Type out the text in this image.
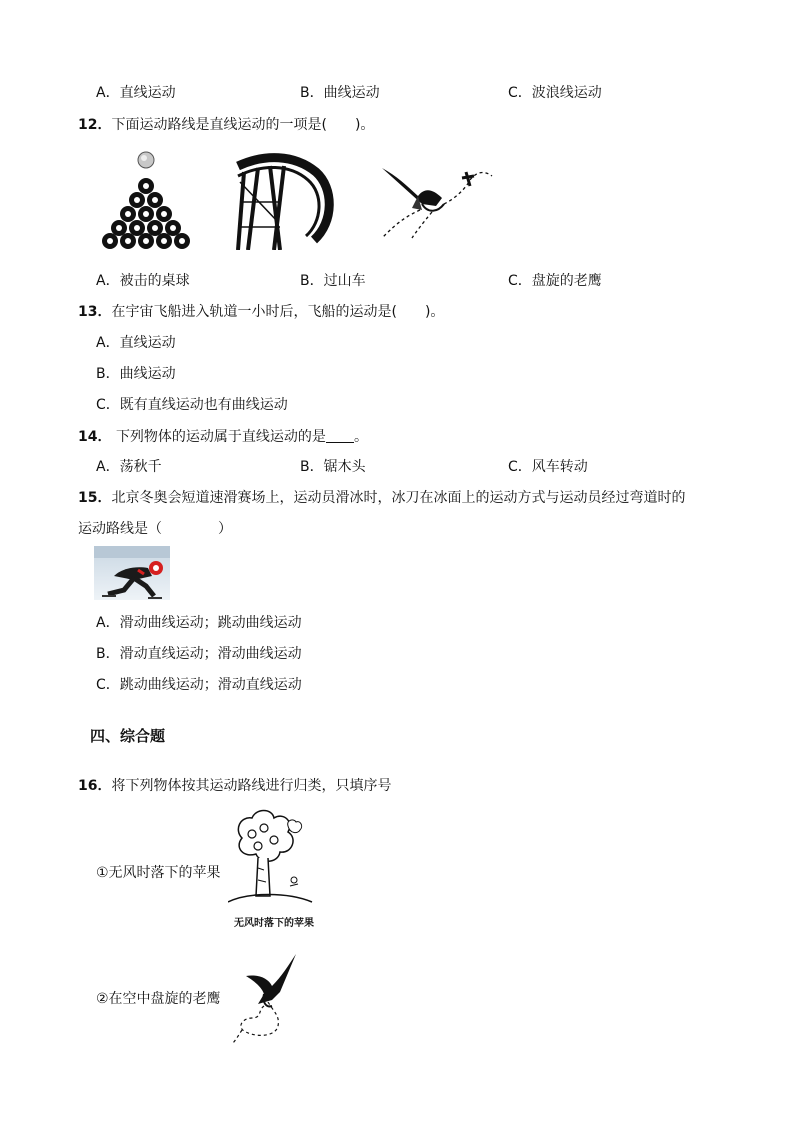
A．直线运动	B．曲线运动	C．波浪线运动
12．下面运动路线是直线运动的一项是(　　)。
A．被击的桌球	B．过山车	C．盘旋的老鹰
13．在宇宙飞船进入轨道一小时后，飞船的运动是(　　)。
A．直线运动
B．曲线运动
C．既有直线运动也有曲线运动
14． 下列物体的运动属于直线运动的是 。
A．荡秋千	B．锯木头	C．风车转动
15．北京冬奥会短道速滑赛场上，运动员滑冰时，冰刀在冰面上的运动方式与运动员经过弯道时的
运动路线是（　　　　）
A．滑动曲线运动；跳动曲线运动
B．滑动直线运动；滑动曲线运动
C．跳动曲线运动；滑动直线运动
四、综合题
16．将下列物体按其运动路线进行归类，只填序号
①无风时落下的苹果
无风时落下的苹果
②在空中盘旋的老鹰
